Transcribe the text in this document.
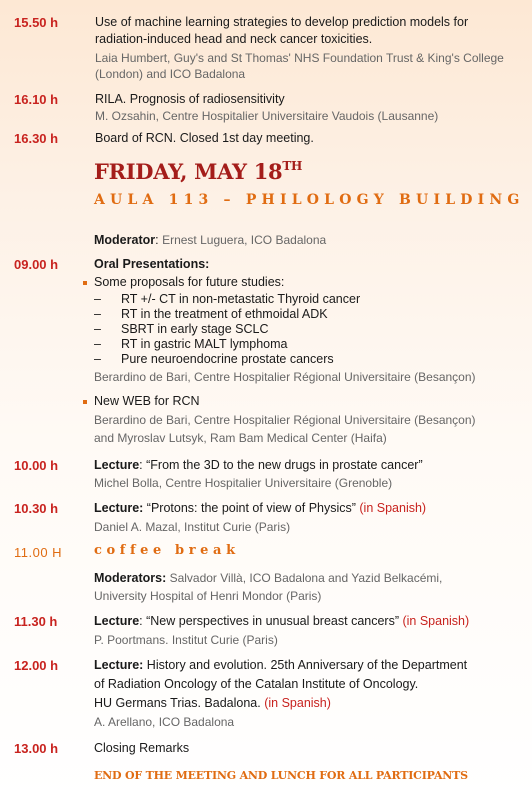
15.50 h	Use of machine learning strategies to develop prediction models for
radiation-induced head and neck cancer toxicities.
Laia Humbert, Guy's and St Thomas' NHS Foundation Trust & King's College
(London) and ICO Badalona
16.10 h	RILA. Prognosis of radiosensitivity
M. Ozsahin, Centre Hospitalier Universitaire Vaudois (Lausanne)
16.30 h	Board of RCN. Closed 1st day meeting.
FRIDAY, MAY 18TH
AULA 113 – PHILOLOGY BUILDING
Moderator: Ernest Luguera, ICO Badalona
09.00 h	Oral Presentations:
Some proposals for future studies:
– RT +/- CT in non-metastatic Thyroid cancer
– RT in the treatment of ethmoidal ADK
– SBRT in early stage SCLC
– RT in gastric MALT lymphoma
– Pure neuroendocrine prostate cancers
Berardino de Bari, Centre Hospitalier Régional Universitaire (Besançon)
New WEB for RCN
Berardino de Bari, Centre Hospitalier Régional Universitaire (Besançon)
and Myroslav Lutsyk, Ram Bam Medical Center (Haifa)
10.00 h	Lecture: “From the 3D to the new drugs in prostate cancer”
Michel Bolla, Centre Hospitalier Universitaire (Grenoble)
10.30 h	Lecture: “Protons: the point of view of Physics” (in Spanish)
Daniel A. Mazal, Institut Curie (Paris)
11.00 H coffee break
Moderators: Salvador Villà, ICO Badalona and Yazid Belkacémi,
University Hospital of Henri Mondor (Paris)
11.30 h	Lecture: “New perspectives in unusual breast cancers” (in Spanish)
P. Poortmans. Institut Curie (Paris)
12.00 h	Lecture: History and evolution. 25th Anniversary of the Department
of Radiation Oncology of the Catalan Institute of Oncology.
HU Germans Trias. Badalona. (in Spanish)
A. Arellano, ICO Badalona
13.00 h	Closing Remarks
END OF THE MEETING AND LUNCH FOR ALL PARTICIPANTS
